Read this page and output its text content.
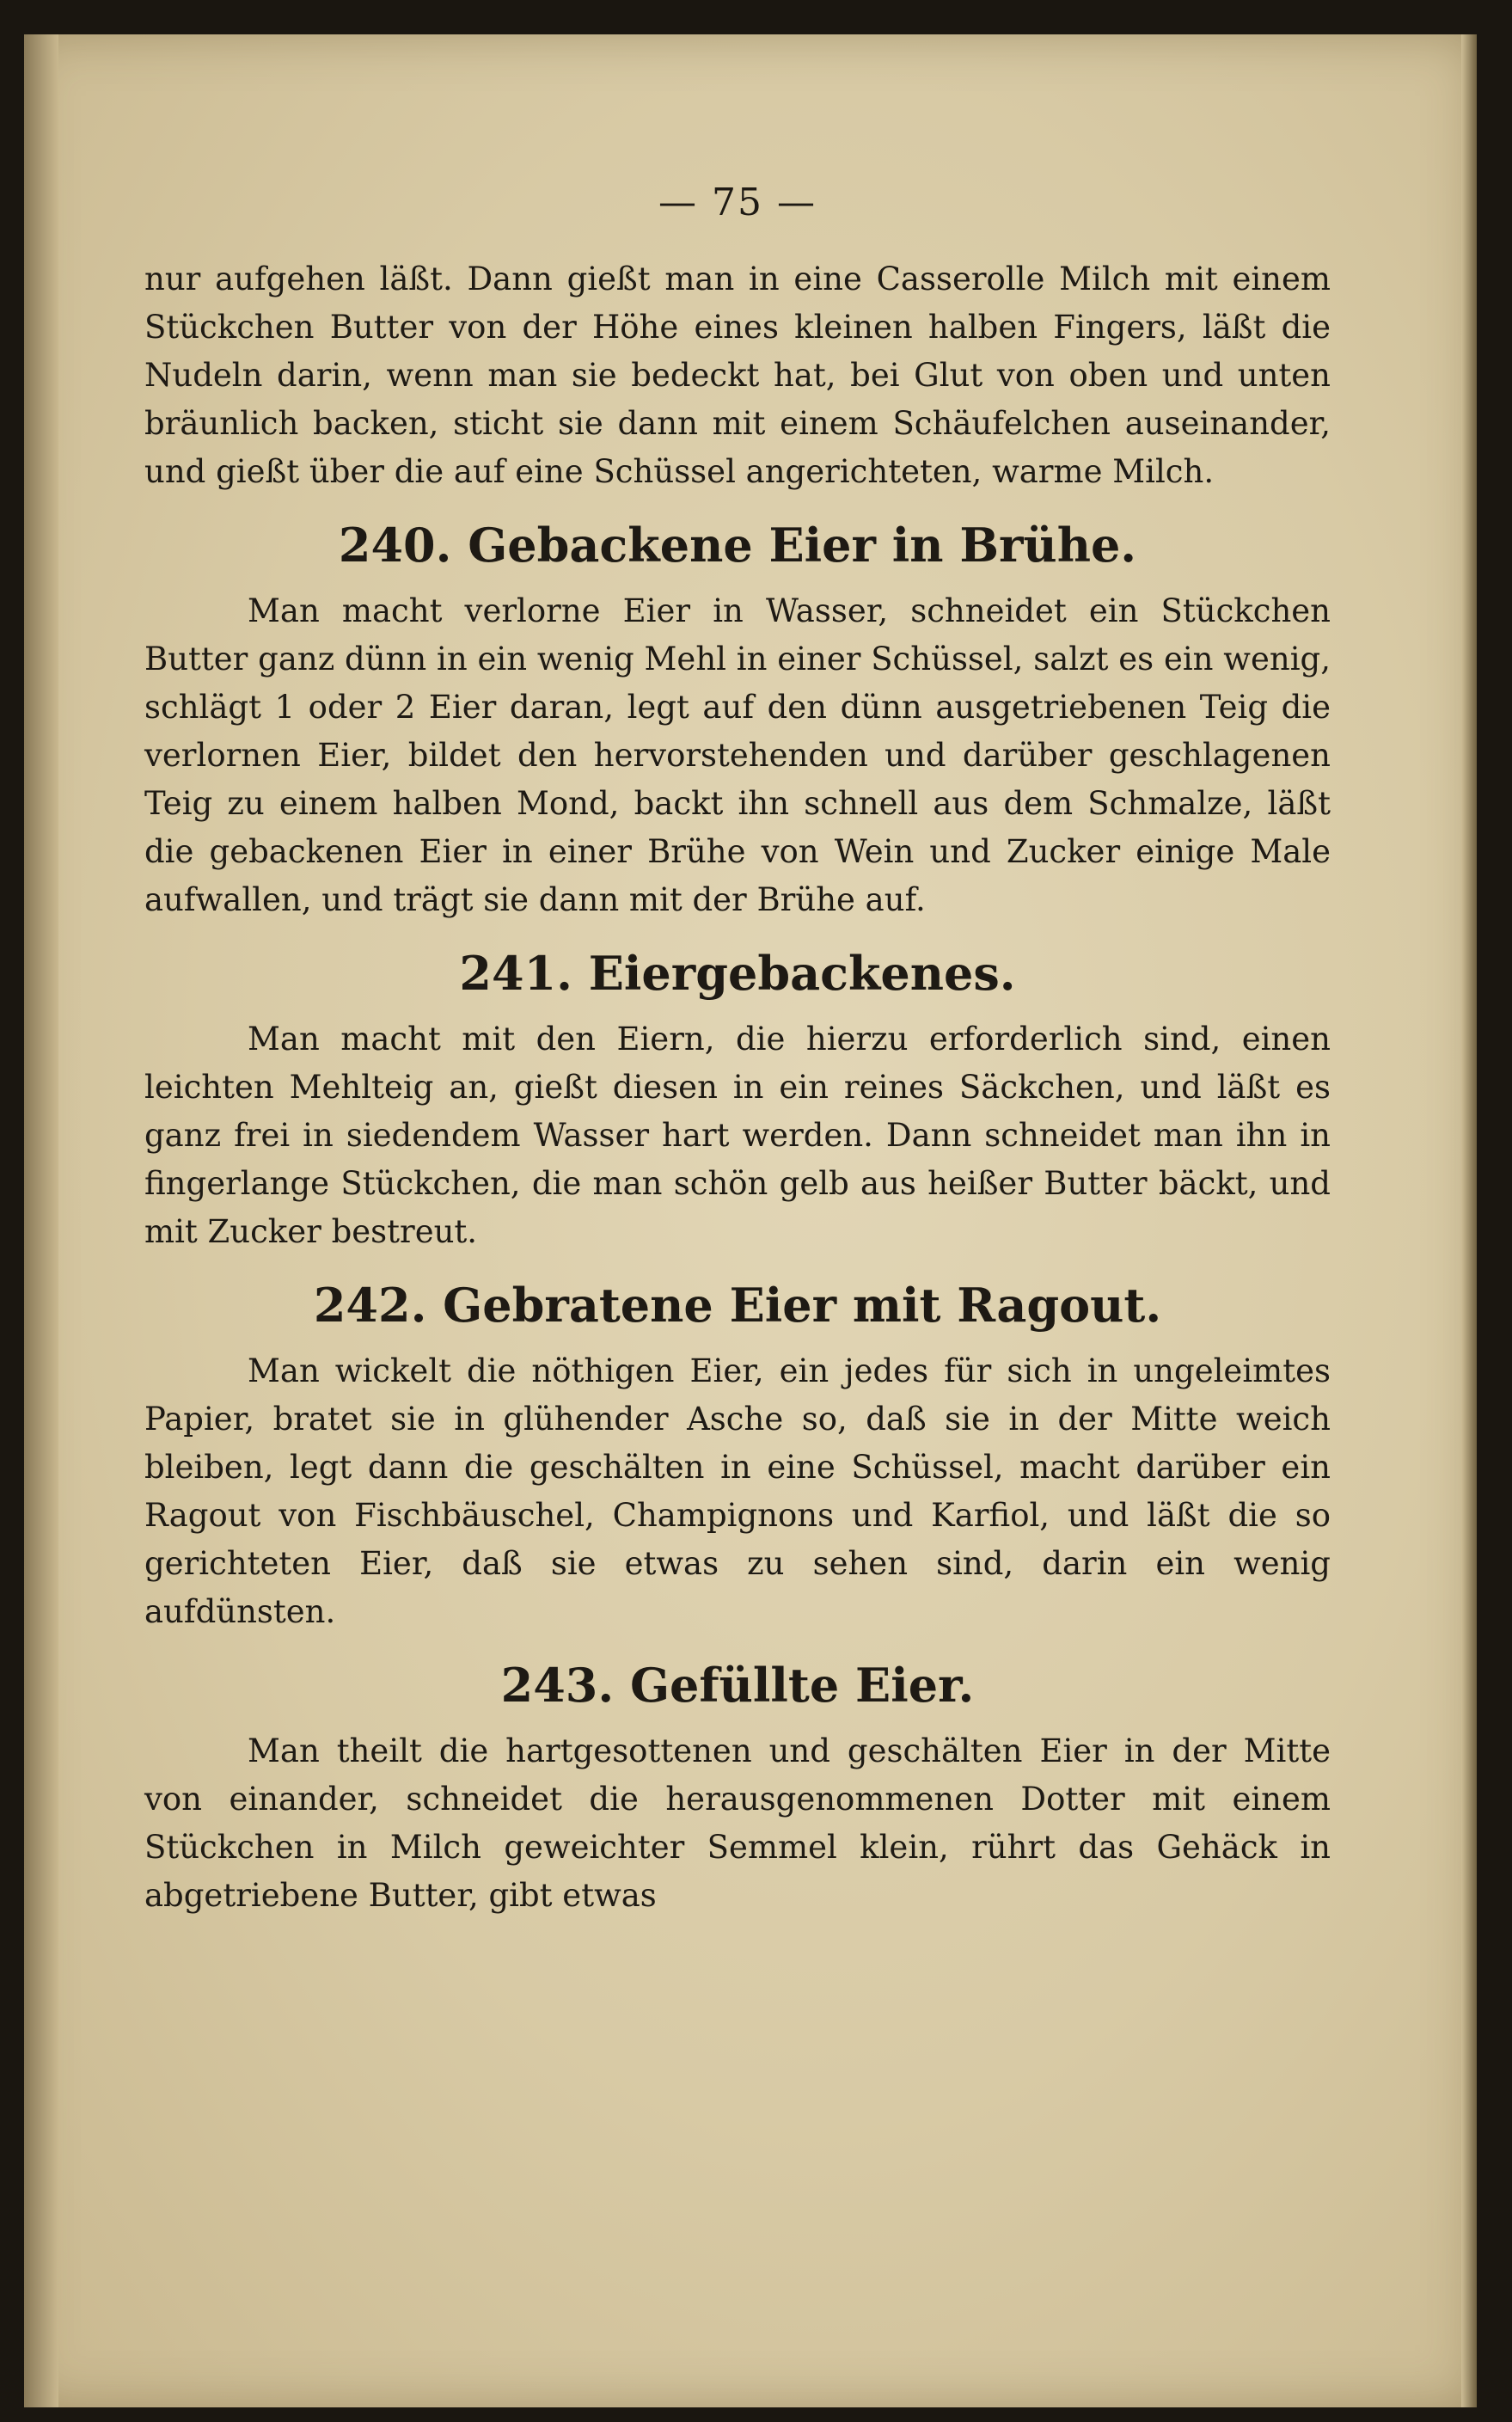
— 75 —

nur aufgehen läßt. Dann gießt man in eine Casserolle Milch mit einem Stückchen Butter von der Höhe eines kleinen halben Fingers, läßt die Nudeln darin, wenn man sie bedeckt hat, bei Glut von oben und unten bräunlich backen, sticht sie dann mit einem Schäufelchen auseinander, und gießt über die auf eine Schüssel angerichteten, warme Milch.

240. Gebackene Eier in Brühe.

Man macht verlorne Eier in Wasser, schneidet ein Stückchen Butter ganz dünn in ein wenig Mehl in einer Schüssel, salzt es ein wenig, schlägt 1 oder 2 Eier daran, legt auf den dünn ausgetriebenen Teig die verlornen Eier, bildet den hervorstehenden und darüber geschlagenen Teig zu einem halben Mond, backt ihn schnell aus dem Schmalze, läßt die gebackenen Eier in einer Brühe von Wein und Zucker einige Male aufwallen, und trägt sie dann mit der Brühe auf.

241. Eiergebackenes.

Man macht mit den Eiern, die hierzu erforderlich sind, einen leichten Mehlteig an, gießt diesen in ein reines Säckchen, und läßt es ganz frei in siedendem Wasser hart werden. Dann schneidet man ihn in fingerlange Stückchen, die man schön gelb aus heißer Butter bäckt, und mit Zucker bestreut.

242. Gebratene Eier mit Ragout.

Man wickelt die nöthigen Eier, ein jedes für sich in ungeleimtes Papier, bratet sie in glühender Asche so, daß sie in der Mitte weich bleiben, legt dann die geschälten in eine Schüssel, macht darüber ein Ragout von Fischbäuschel, Champignons und Karfiol, und läßt die so gerichteten Eier, daß sie etwas zu sehen sind, darin ein wenig aufdünsten.

243. Gefüllte Eier.

Man theilt die hartgesottenen und geschälten Eier in der Mitte von einander, schneidet die herausgenommenen Dotter mit einem Stückchen in Milch geweichter Semmel klein, rührt das Gehäck in abgetriebene Butter, gibt etwas
